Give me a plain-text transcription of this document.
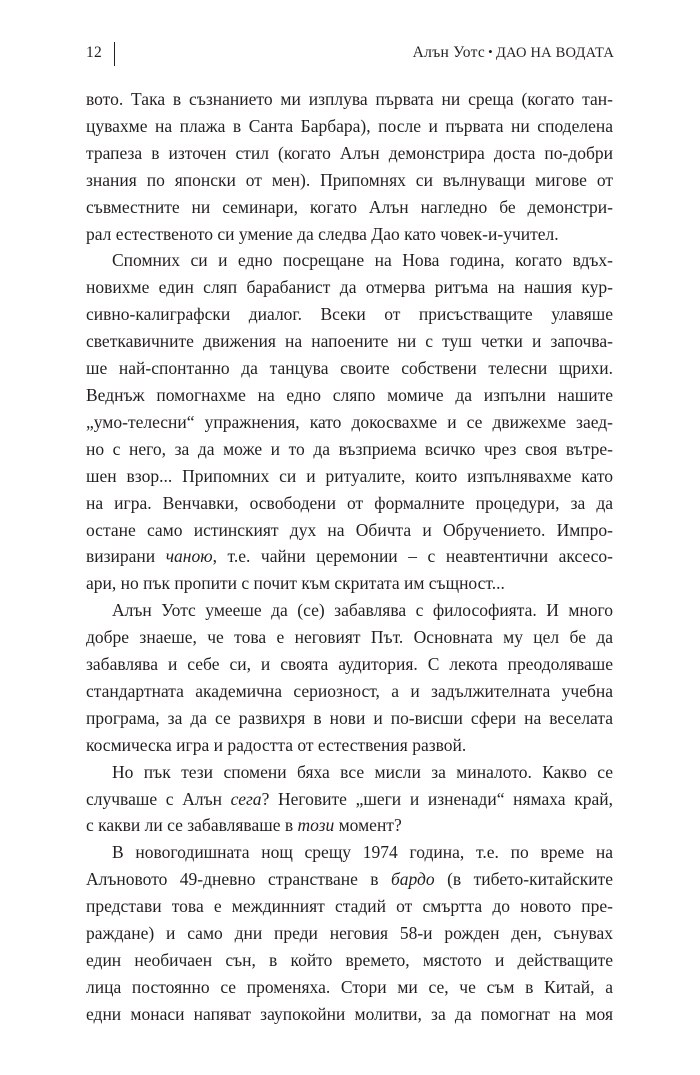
12	Алън Уотс • ДАО НА ВОДАТА

вото. Така в съзнанието ми изплува първата ни среща (когато тан-

цувахме на плажа в Санта Барбара), после и първата ни споделена

трапеза в източен стил (когато Алън демонстрира доста по-добри

знания по японски от мен). Припомнях си вълнуващи мигове от

съвместните ни семинари, когато Алън нагледно бе демонстри-

рал естественото си умение да следва Дао като човек-и-учител.

Спомних си и едно посрещане на Нова година, когато вдъх-

новихме един сляп барабанист да отмерва ритъма на нашия кур-

сивно-калиграфски диалог. Всеки от присъстващите улавяше

светкавичните движения на напоените ни с туш четки и започва-

ше най-спонтанно да танцува своите собствени телесни щрихи.

Веднъж помогнахме на едно сляпо момиче да изпълни нашите

„умо-телесни“ упражнения, като докосвахме и се движехме заед-

но с него, за да може и то да възприема всичко чрез своя вътре-

шен взор... Припомних си и ритуалите, които изпълнявахме като

на игра. Венчавки, освободени от формалните процедури, за да

остане само истинският дух на Обичта и Обручението. Импро-

визирани чаною, т.е. чайни церемонии – с неавтентични аксесо-

ари, но пък пропити с почит към скритата им същност...

Алън Уотс умееше да (се) забавлява с философията. И много

добре знаеше, че това е неговият Път. Основната му цел бе да

забавлява и себе си, и своята аудитория. С лекота преодоляваше

стандартната академична сериозност, а и задължителната учебна

програма, за да се развихря в нови и по-висши сфери на веселата

космическа игра и радостта от естествения развой.

Но пък тези спомени бяха все мисли за миналото. Какво се

случваше с Алън сега? Неговите „шеги и изненади“ нямаха край,

с какви ли се забавляваше в този момент?

В новогодишната нощ срещу 1974 година, т.е. по време на

Алъновото 49-дневно странстване в бардо (в тибето-китайските

представи това е междинният стадий от смъртта до новото пре-

раждане) и само дни преди неговия 58-и рожден ден, сънувах

един необичаен сън, в който времето, мястото и действащите

лица постоянно се променяха. Стори ми се, че съм в Китай, а

едни монаси напяват заупокойни молитви, за да помогнат на моя
